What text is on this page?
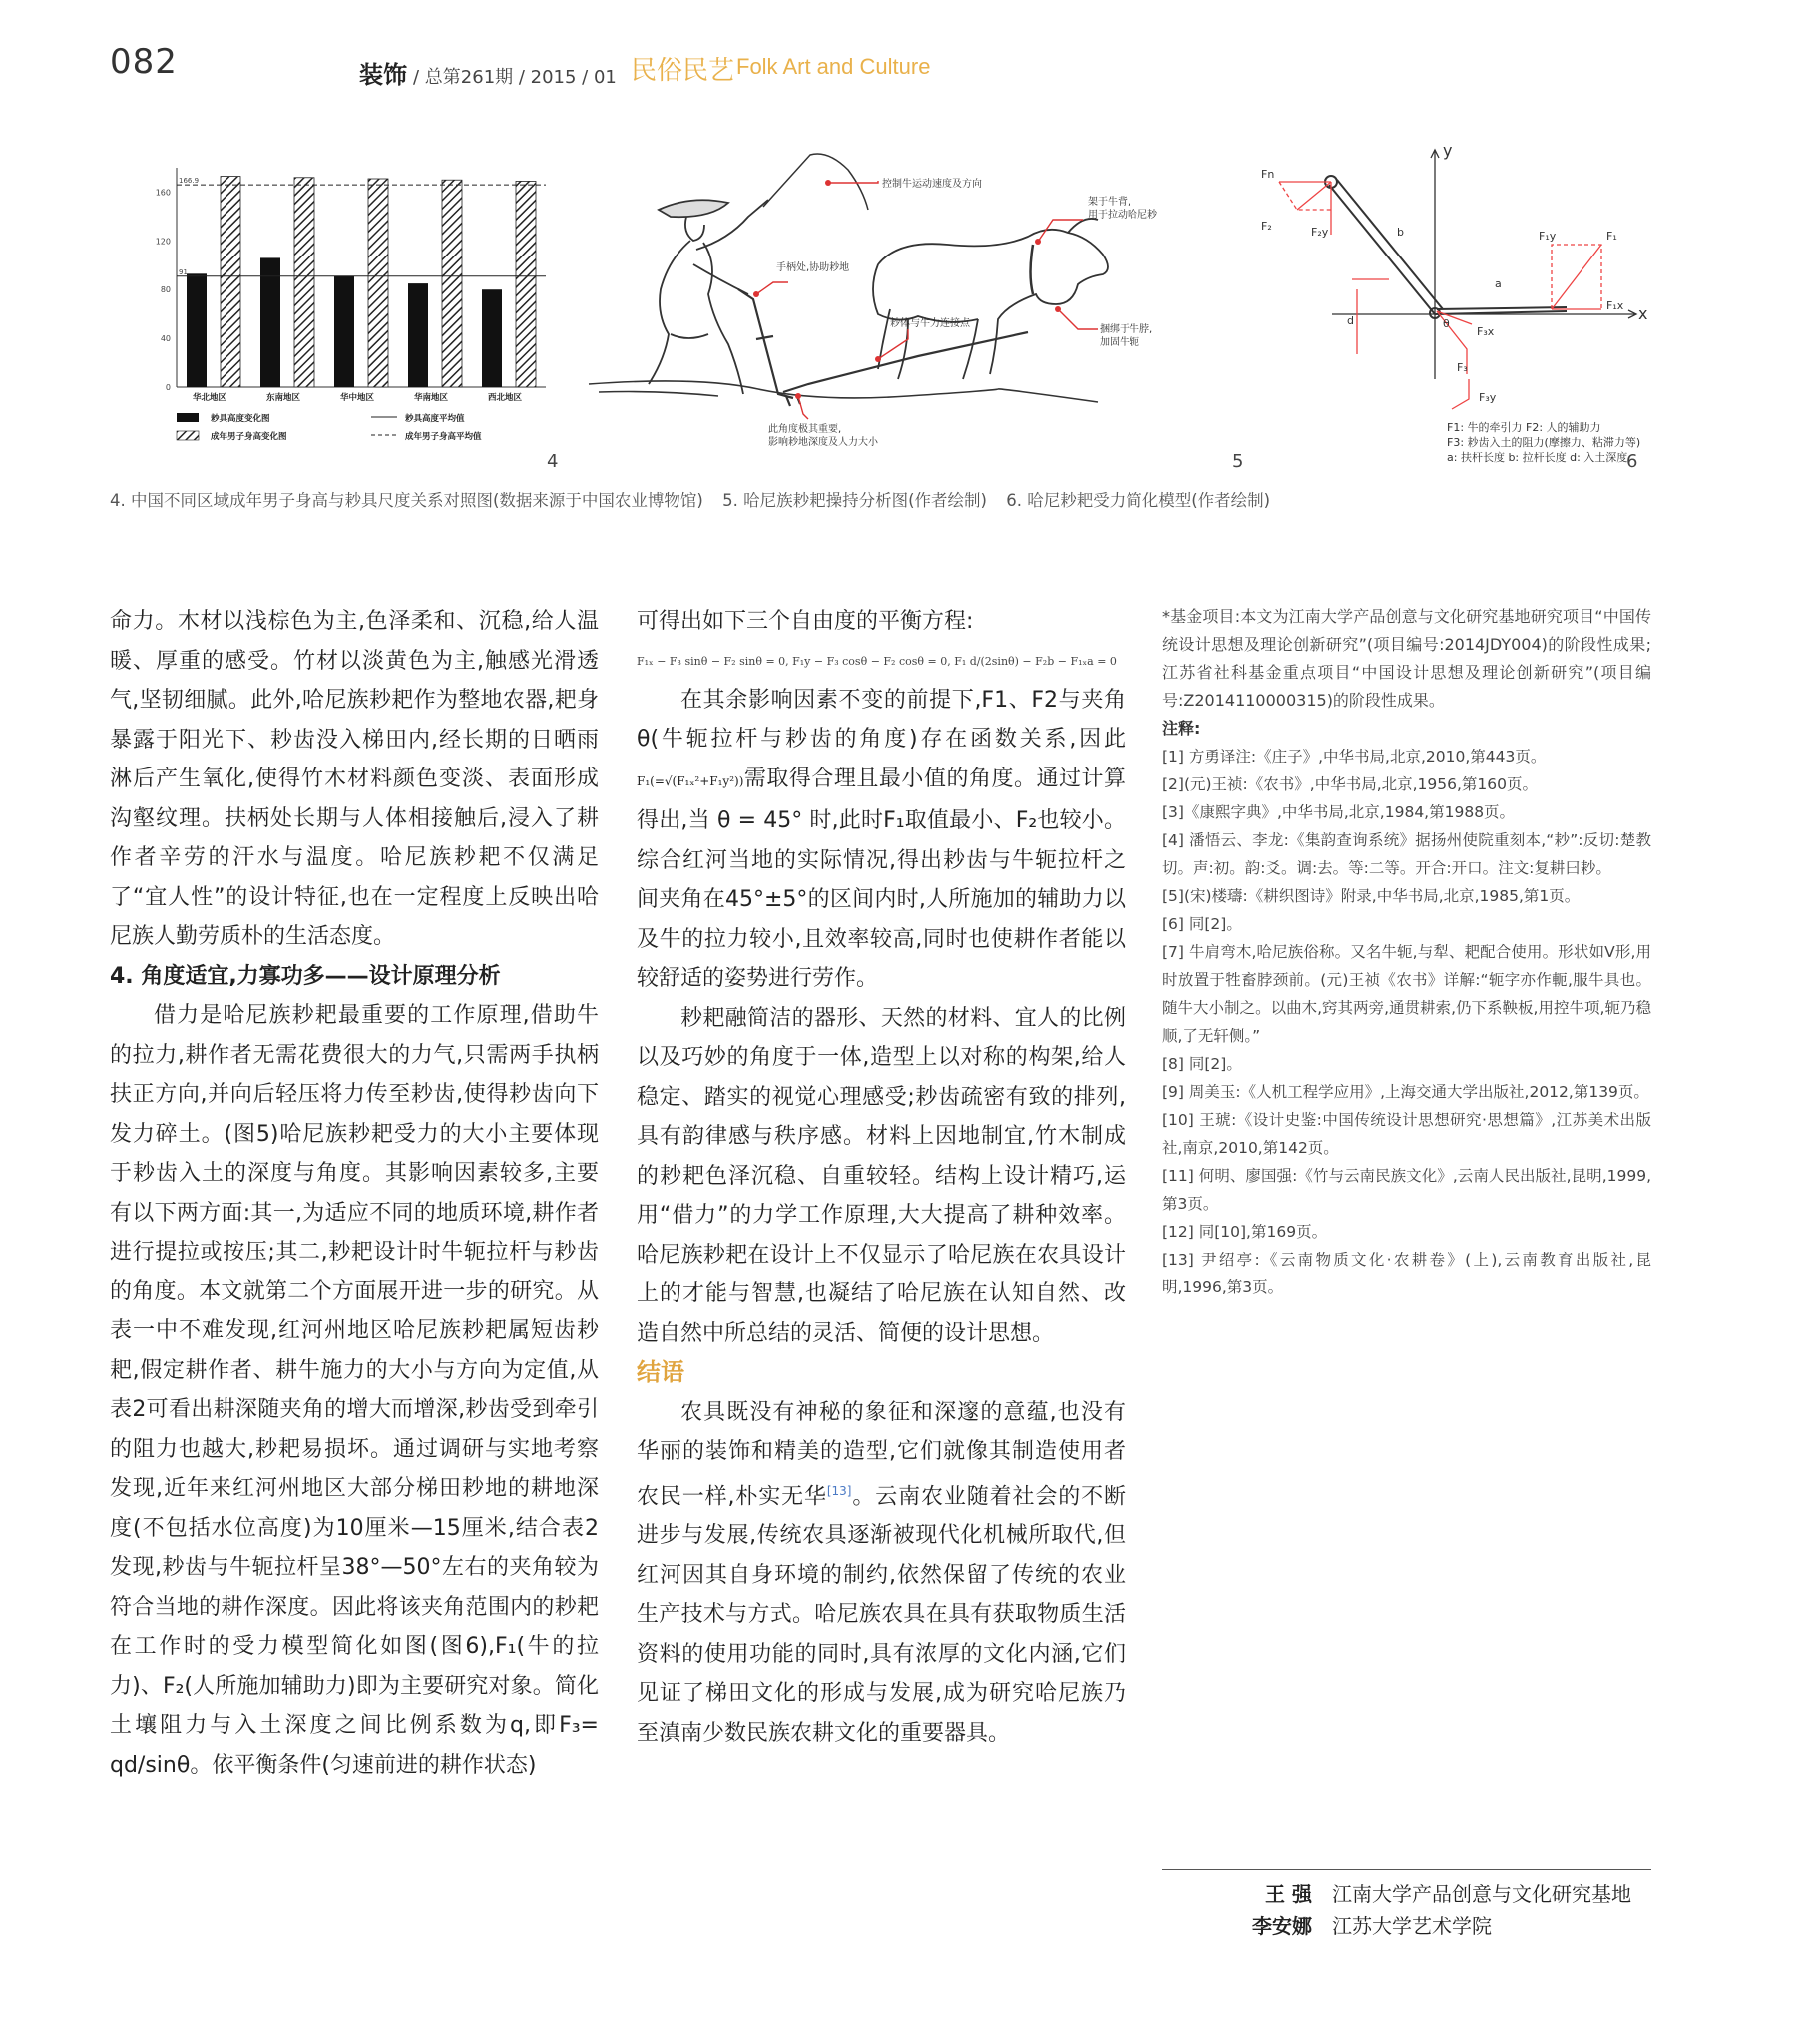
082	装饰 / 总第261期 / 2015 / 01 民俗民艺 Folk Art and Culture
0
40
80
120
160
华北地区	东南地区	华中地区	华南地区	西北地区
91
166.9
耖具高度变化图
成年男子身高变化图
耖具高度平均值
成年男子身高平均值
4
控制牛运动速度及方向
架于牛背,用于拉动哈尼耖
手柄处,协助耖地
耖体与牛力连接点
捆绑于牛脖,加固牛轭
此角度极其重要,影响耖地深度及人力大小
5
y
x
Fn
F₂	F₂y	F₁y	F₁
F₁x
a
b
d	θ
F₃x
F₃
F₃y
F1: 牛的牵引力 F2: 人的辅助力
F3: 耖齿入土的阻力(摩擦力、粘滞力等)
a: 扶杆长度 b: 拉杆长度 d: 入土深度
6
4. 中国不同区域成年男子身高与耖具尺度关系对照图(数据来源于中国农业博物馆) 5. 哈尼族耖耙操持分析图(作者绘制) 6. 哈尼耖耙受力简化模型(作者绘制)

命力。木材以浅棕色为主,色泽柔和、沉稳,给人温暖、厚重的感受。竹材以淡黄色为主,触感光滑透气,坚韧细腻。此外,哈尼族耖耙作为整地农器,耙身暴露于阳光下、耖齿没入梯田内,经长期的日晒雨淋后产生氧化,使得竹木材料颜色变淡、表面形成沟壑纹理。扶柄处长期与人体相接触后,浸入了耕作者辛劳的汗水与温度。哈尼族耖耙不仅满足了“宜人性”的设计特征,也在一定程度上反映出哈尼族人勤劳质朴的生活态度。

4. 角度适宜,力寡功多——设计原理分析

借力是哈尼族耖耙最重要的工作原理,借助牛的拉力,耕作者无需花费很大的力气,只需两手执柄扶正方向,并向后轻压将力传至耖齿,使得耖齿向下发力碎土。(图5)哈尼族耖耙受力的大小主要体现于耖齿入土的深度与角度。其影响因素较多,主要有以下两方面:其一,为适应不同的地质环境,耕作者进行提拉或按压;其二,耖耙设计时牛轭拉杆与耖齿的角度。本文就第二个方面展开进一步的研究。从表一中不难发现,红河州地区哈尼族耖耙属短齿耖耙,假定耕作者、耕牛施力的大小与方向为定值,从表2可看出耕深随夹角的增大而增深,耖齿受到牵引的阻力也越大,耖耙易损坏。通过调研与实地考察发现,近年来红河州地区大部分梯田耖地的耕地深度(不包括水位高度)为10厘米—15厘米,结合表2发现,耖齿与牛轭拉杆呈38°—50°左右的夹角较为符合当地的耕作深度。因此将该夹角范围内的耖耙在工作时的受力模型简化如图(图6),F₁(牛的拉力)、F₂(人所施加辅助力)即为主要研究对象。简化土壤阻力与入土深度之间比例系数为q,即F₃= qd/sinθ。依平衡条件(匀速前进的耕作状态)

可得出如下三个自由度的平衡方程:

F₁ₓ − F₃ sinθ − F₂ sinθ = 0, F₁y − F₃ cosθ − F₂ cosθ = 0, F₁ d/(2sinθ) − F₂b − F₁ₓa = 0

在其余影响因素不变的前提下,F1、F2与夹角 θ(牛轭拉杆与耖齿的角度)存在函数关系,因此F₁(=√(F₁ₓ²+F₁y²))需取得合理且最小值的角度。通过计算得出,当 θ = 45° 时,此时F₁取值最小、F₂也较小。综合红河当地的实际情况,得出耖齿与牛轭拉杆之间夹角在45°±5°的区间内时,人所施加的辅助力以及牛的拉力较小,且效率较高,同时也使耕作者能以较舒适的姿势进行劳作。

耖耙融简洁的器形、天然的材料、宜人的比例以及巧妙的角度于一体,造型上以对称的构架,给人稳定、踏实的视觉心理感受;耖齿疏密有致的排列,具有韵律感与秩序感。材料上因地制宜,竹木制成的耖耙色泽沉稳、自重较轻。结构上设计精巧,运用“借力”的力学工作原理,大大提高了耕种效率。哈尼族耖耙在设计上不仅显示了哈尼族在农具设计上的才能与智慧,也凝结了哈尼族在认知自然、改造自然中所总结的灵活、简便的设计思想。

结语

农具既没有神秘的象征和深邃的意蕴,也没有华丽的装饰和精美的造型,它们就像其制造使用者农民一样,朴实无华[13]。云南农业随着社会的不断进步与发展,传统农具逐渐被现代化机械所取代,但红河因其自身环境的制约,依然保留了传统的农业生产技术与方式。哈尼族农具在具有获取物质生活资料的使用功能的同时,具有浓厚的文化内涵,它们见证了梯田文化的形成与发展,成为研究哈尼族乃至滇南少数民族农耕文化的重要器具。

*基金项目:本文为江南大学产品创意与文化研究基地研究项目“中国传统设计思想及理论创新研究”(项目编号:2014JDY004)的阶段性成果;江苏省社科基金重点项目“中国设计思想及理论创新研究”(项目编号:Z2014110000315)的阶段性成果。

注释:

[1] 方勇译注:《庄子》,中华书局,北京,2010,第443页。

[2](元)王祯:《农书》,中华书局,北京,1956,第160页。

[3]《康熙字典》,中华书局,北京,1984,第1988页。

[4] 潘悟云、李龙:《集韵查询系统》据扬州使院重刻本,“耖”:反切:楚教切。声:初。韵:爻。调:去。等:二等。开合:开口。注文:复耕曰耖。

[5](宋)楼璹:《耕织图诗》附录,中华书局,北京,1985,第1页。

[6] 同[2]。

[7] 牛肩弯木,哈尼族俗称。又名牛轭,与犁、耙配合使用。形状如V形,用时放置于牲畜脖颈前。(元)王祯《农书》详解:“轭字亦作軛,服牛具也。随牛大小制之。以曲木,窍其两旁,通贯耕索,仍下系鞅板,用控牛项,轭乃稳顺,了无轩侧。”

[8] 同[2]。

[9] 周美玉:《人机工程学应用》,上海交通大学出版社,2012,第139页。

[10] 王琥:《设计史鉴:中国传统设计思想研究·思想篇》,江苏美术出版社,南京,2010,第142页。

[11] 何明、廖国强:《竹与云南民族文化》,云南人民出版社,昆明,1999,第3页。

[12] 同[10],第169页。

[13] 尹绍亭:《云南物质文化·农耕卷》(上),云南教育出版社,昆明,1996,第3页。

王 强	江南大学产品创意与文化研究基地
李安娜	江苏大学艺术学院
